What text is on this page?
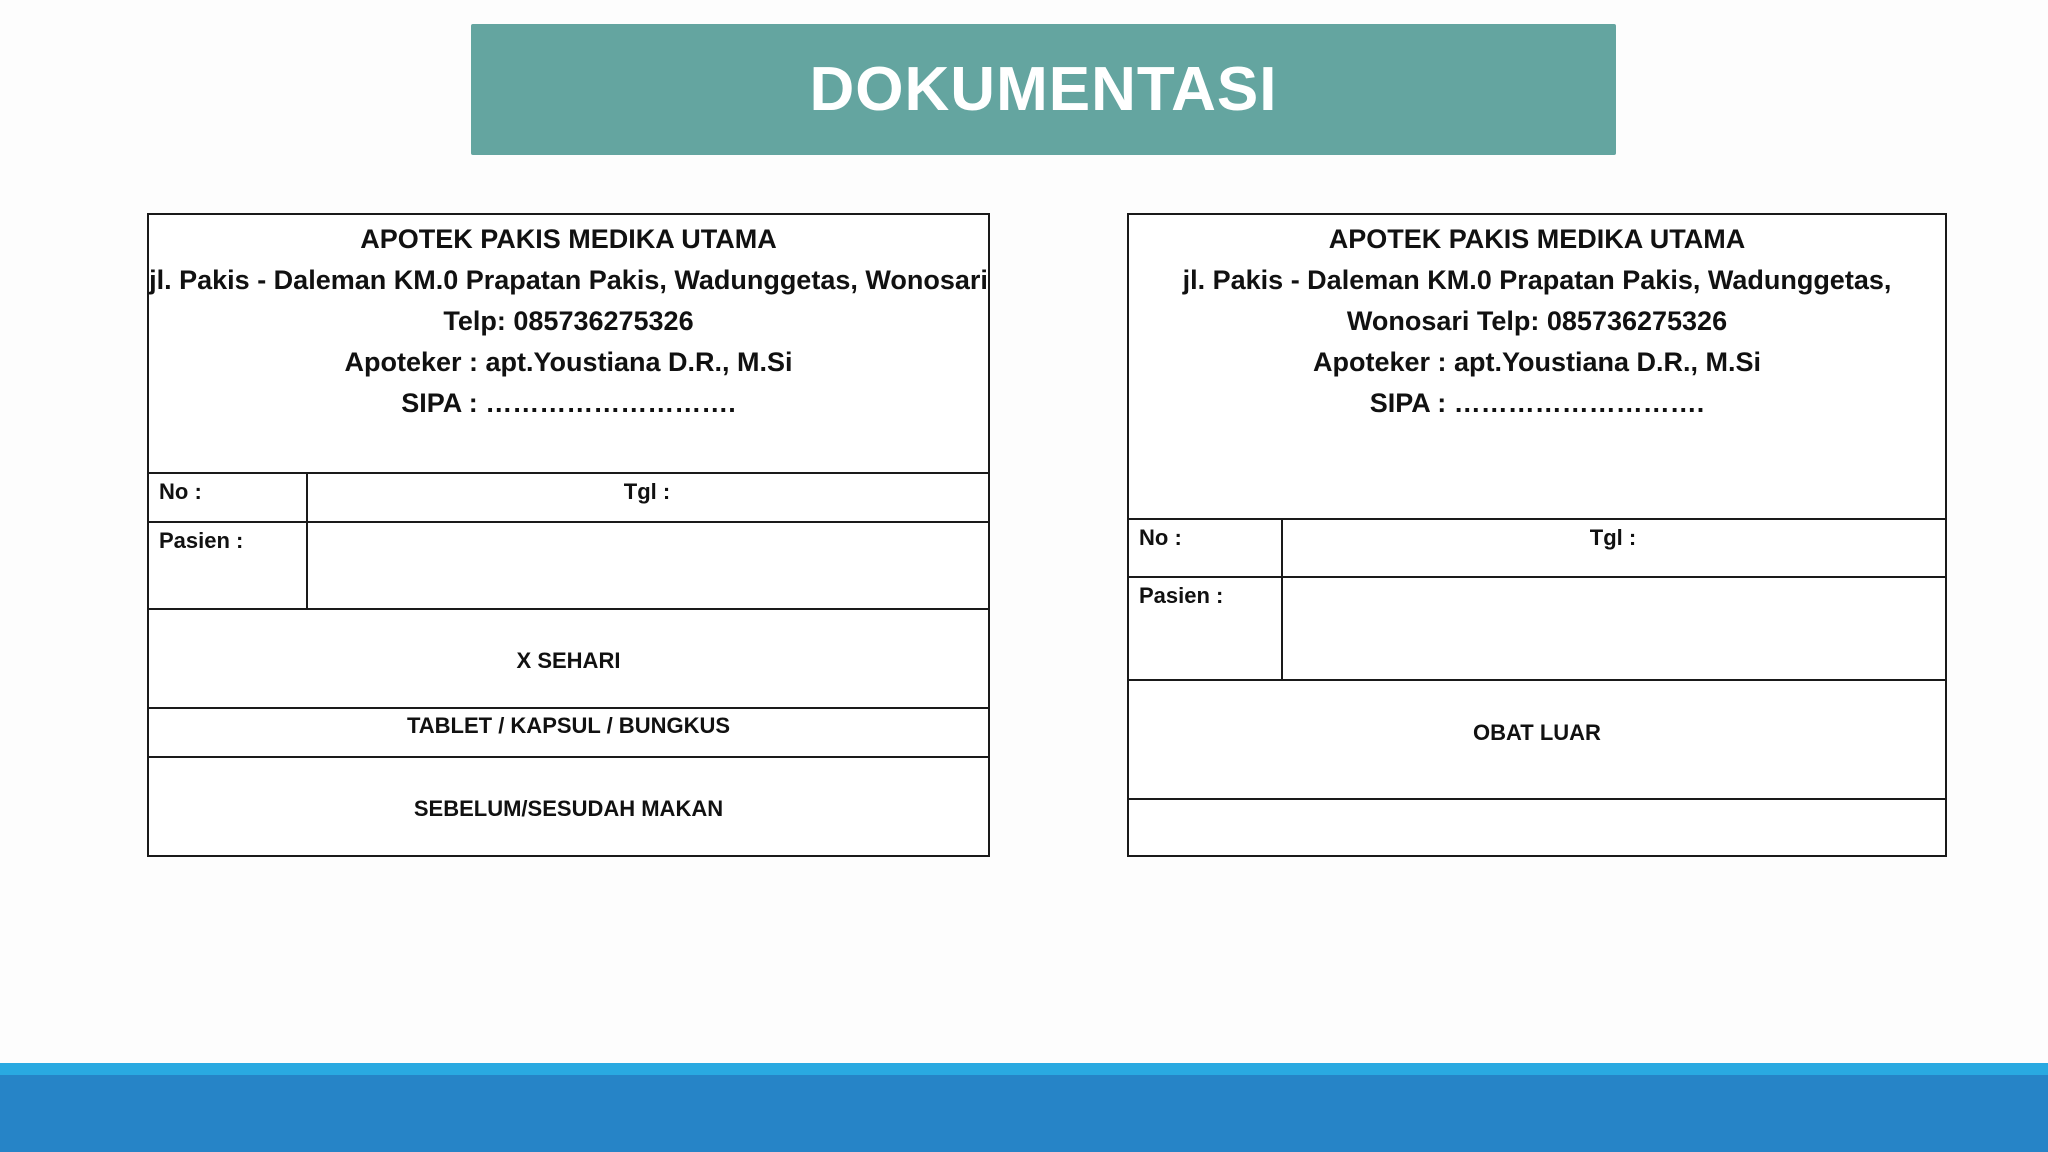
DOKUMENTASI
APOTEK PAKIS MEDIKA UTAMA
jl. Pakis - Daleman KM.0 Prapatan Pakis, Wadunggetas, Wonosari
Telp: 085736275326
Apoteker : apt.Youstiana D.R., M.Si
SIPA : ……………………….
No :	Tgl :
Pasien :
X SEHARI
TABLET / KAPSUL / BUNGKUS
SEBELUM/SESUDAH MAKAN
APOTEK PAKIS MEDIKA UTAMA
jl. Pakis - Daleman KM.0 Prapatan Pakis, Wadunggetas,
Wonosari Telp: 085736275326
Apoteker : apt.Youstiana D.R., M.Si
SIPA : ……………………….
No :	Tgl :
Pasien :
OBAT LUAR
